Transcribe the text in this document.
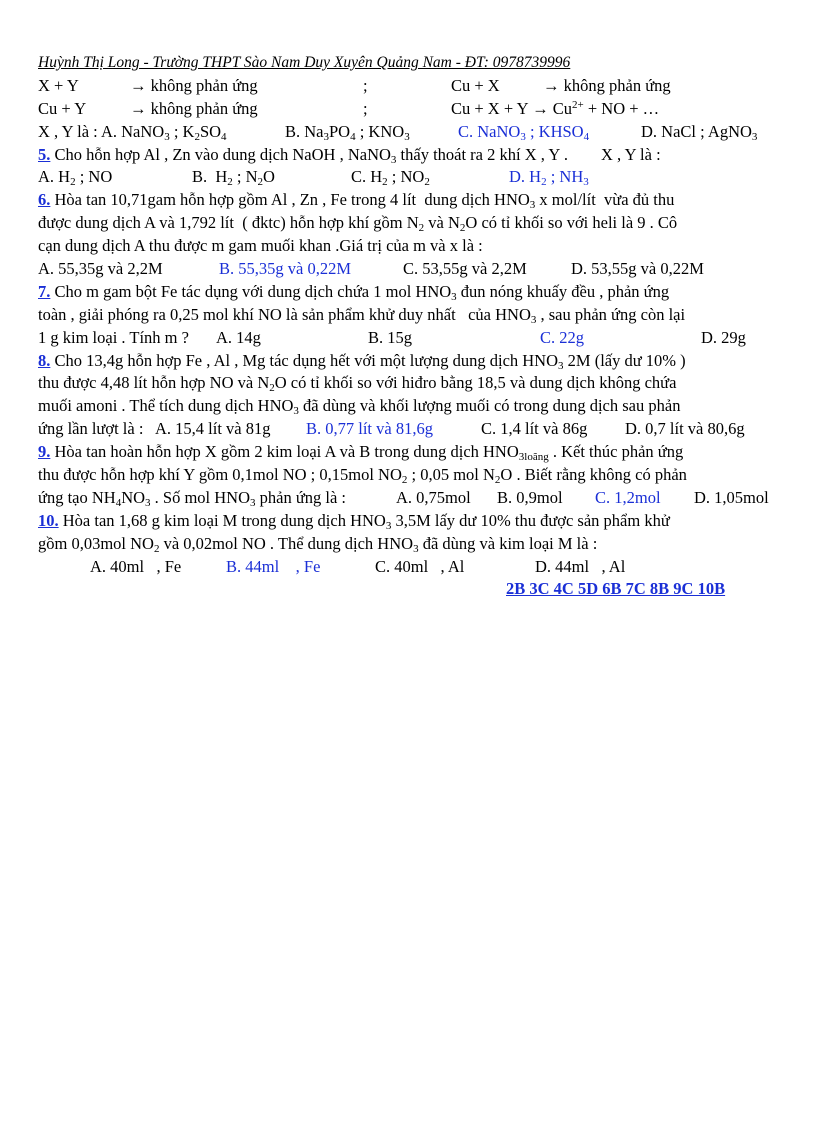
Huỳnh Thị Long - Trường THPT Sào Nam Duy Xuyên Quảng Nam - ĐT: 0978739996
X + Y	→ không phản ứng	;	Cu + X	→ không phản ứng
Cu + Y	→ không phản ứng	;	$Cu + X + Y \to Cu^{2+}$ + NO + …
X , Y là : A. NaNO$_3$ ; $K_2SO_4$	B. $Na_3PO_4$ ; $KNO_3$	C. NaNO$_3$ ; $KHSO_4$	D. NaCl ; AgNO$_3$
5. Cho hỗn hợp Al , Zn vào dung dịch NaOH , NaNO$_3$ thấy thoát ra 2 khí X , Y .        X , Y là :
A. $H_2$ ; NO	B.  $H_2$ ; $N_2O$	C. $H_2$ ; $NO_2$	D. $H_2$ ; $NH_3$
6. Hòa tan 10,71gam hỗn hợp gồm Al , Zn , Fe trong 4 lít  dung dịch $HNO_3$ x mol/lít  vừa đủ thu
được dung dịch A và 1,792 lít  ( đktc) hỗn hợp khí gồm $N_2$ và $N_2O$ có tỉ khối so với heli là 9 . Cô
cạn dung dịch A thu được m gam muối khan .Giá trị của m và x là :
A. 55,35g và 2,2M	B. 55,35g và 0,22M	C. 53,55g và 2,2M	D. 53,55g và 0,22M
7. Cho m gam bột Fe tác dụng với dung dịch chứa 1 mol $HNO_3$ đun nóng khuấy đều , phản ứng
toàn , giải phóng ra 0,25 mol khí NO là sản phẩm khử duy nhất   của $HNO_3$ , sau phản ứng còn lại
1 g kim loại . Tính m ? A. 14g	B. 15g	C. 22g	D. 29g
8. Cho 13,4g hỗn hợp Fe , Al , Mg tác dụng hết với một lượng dung dịch $HNO_3$ 2M (lấy dư 10% )
thu được 4,48 lít hỗn hợp NO và $N_2O$ có tỉ khối so với hiđro bằng 18,5 và dung dịch không chứa
muối amoni . Thể tích dung dịch $HNO_3$ đã dùng và khối lượng muối có trong dung dịch sau phản
ứng lần lượt là : A. 15,4 lít và 81g B. 0,77 lít và 81,6g	C. 1,4 lít và 86g D. 0,7 lít và 80,6g
9. Hòa tan hoàn hỗn hợp X gồm 2 kim loại A và B trong dung dịch $HNO_{3loãng}$ . Kết thúc phản ứng
thu được hỗn hợp khí Y gồm 0,1mol NO ; 0,15mol $NO_2$ ; 0,05 mol $N_2O$ . Biết rằng không có phản
ứng tạo $NH_4NO_3$ . Số mol $HNO_3$ phản ứng là :	A. 0,75mol B. 0,9mol C. 1,2mol D. 1,05mol
10. Hòa tan 1,68 g kim loại M trong dung dịch $HNO_3$ 3,5M lấy dư 10% thu được sản phẩm khử
gồm 0,03mol $NO_2$ và 0,02mol NO . Thể dung dịch $HNO_3$ đã dùng và kim loại M là :
A. 40ml   , Fe	B. 44ml    , Fe	C. 40ml   , Al	D. 44ml   , Al
2B 3C 4C 5D 6B 7C 8B 9C 10B
